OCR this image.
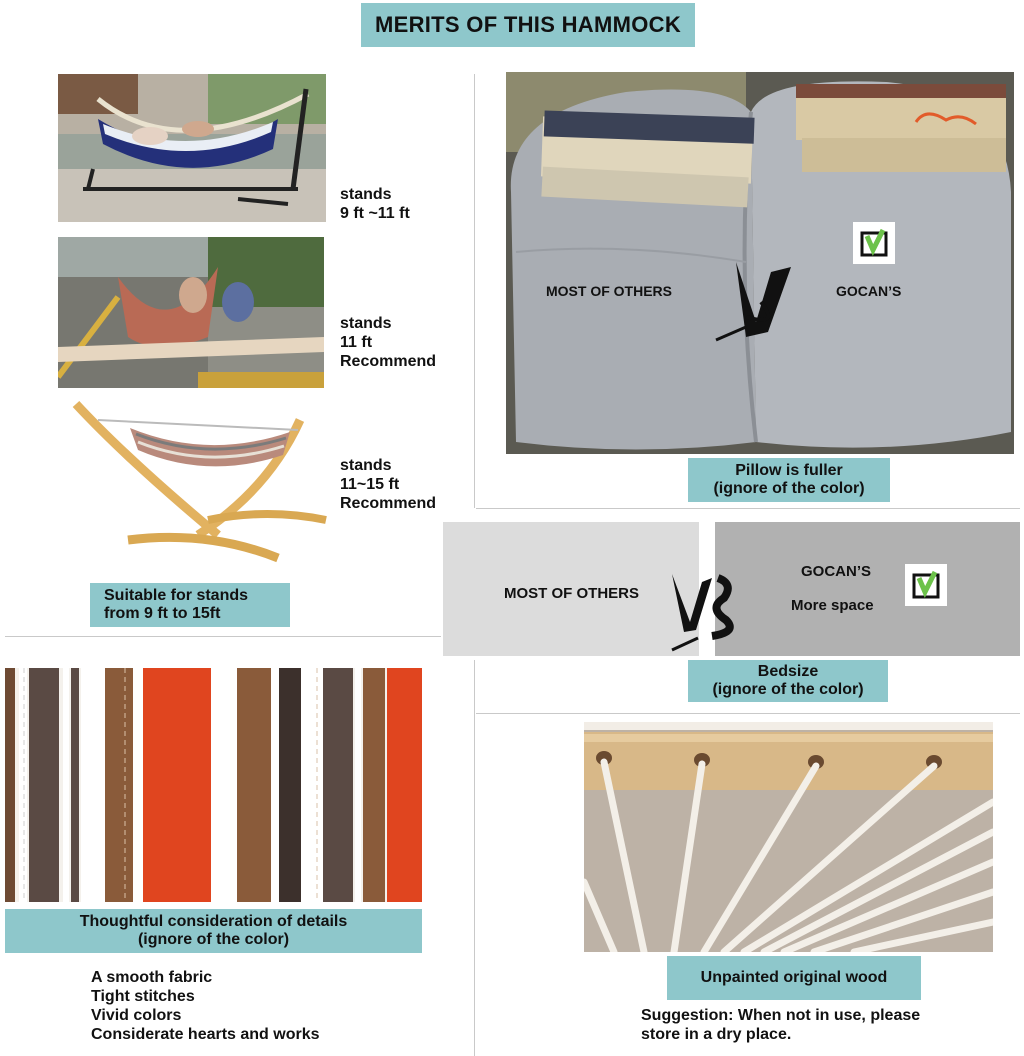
MERITS OF THIS HAMMOCK
stands
9 ft ~11 ft
stands
11 ft
Recommend
stands
11~15 ft
Recommend
Suitable for stands
from 9 ft to 15ft
MOST OF OTHERS	GOCAN’S
Pillow is fuller
(ignore of the color)
MOST OF OTHERS
GOCAN’S
More space
Bedsize
(ignore of the color)
Thoughtful consideration of details
(ignore of the color)
A smooth fabric
Tight stitches
Vivid colors
Considerate hearts and works
Unpainted original wood
Suggestion: When not in use, please
store in a dry place.
